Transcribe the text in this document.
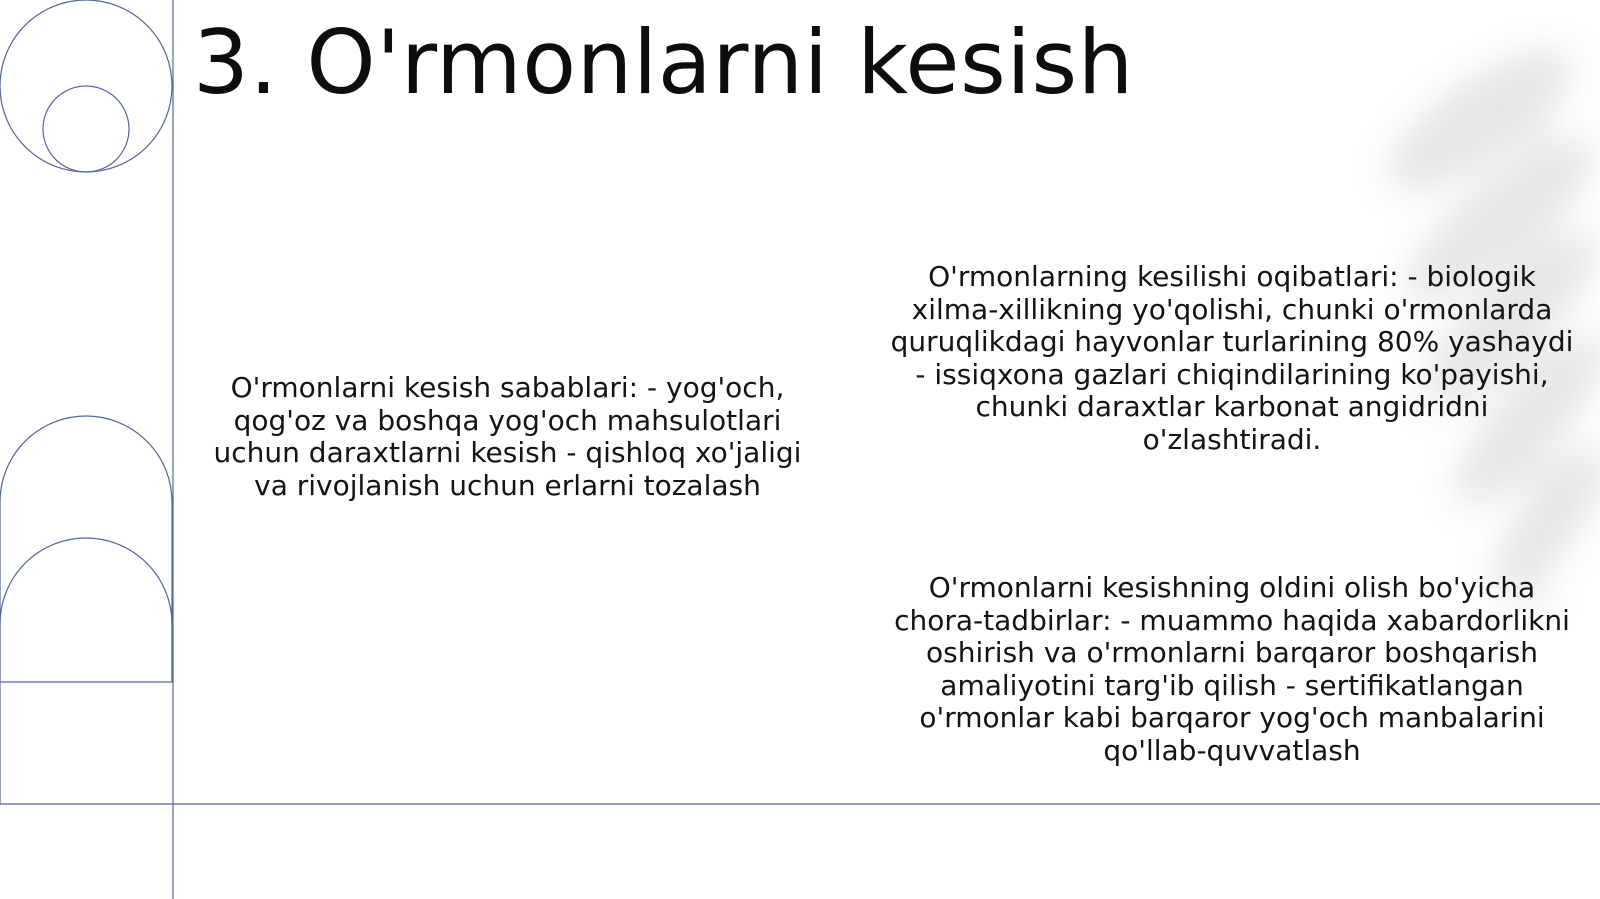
3. O'rmonlarni kesish

O'rmonlarni kesish sabablari: - yog'och, qog'oz va boshqa yog'och mahsulotlari uchun daraxtlarni kesish - qishloq xo'jaligi va rivojlanish uchun erlarni tozalash

O'rmonlarning kesilishi oqibatlari: - biologik xilma-xillikning yo'qolishi, chunki o'rmonlarda quruqlikdagi hayvonlar turlarining 80% yashaydi - issiqxona gazlari chiqindilarining ko'payishi, chunki daraxtlar karbonat angidridni o'zlashtiradi.

O'rmonlarni kesishning oldini olish bo'yicha chora-tadbirlar: - muammo haqida xabardorlikni oshirish va o'rmonlarni barqaror boshqarish amaliyotini targ'ib qilish - sertifikatlangan o'rmonlar kabi barqaror yog'och manbalarini qo'llab-quvvatlash
